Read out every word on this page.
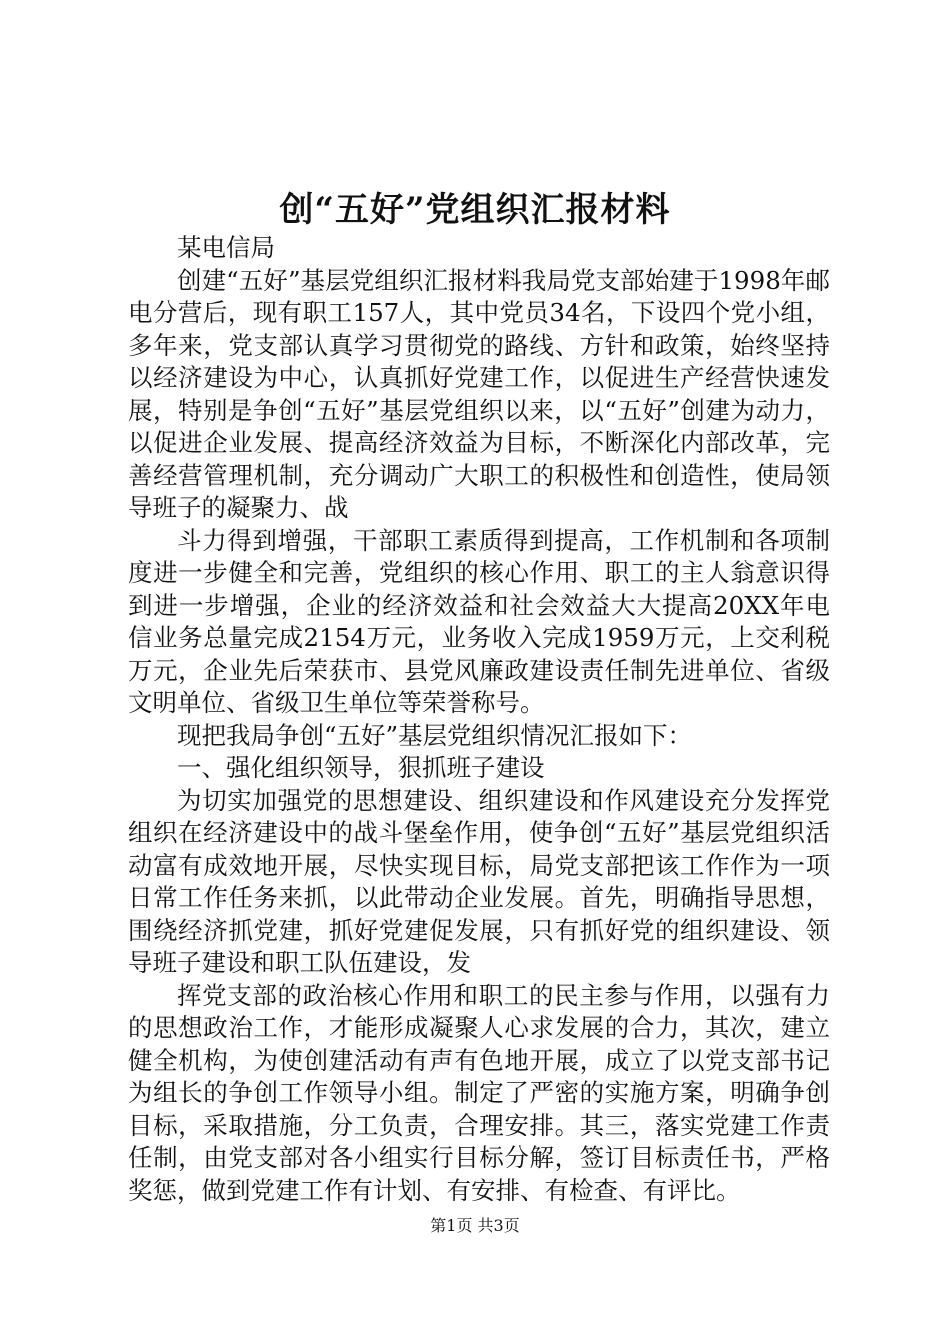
创“五好”党组织汇报材料

某电信局

创建“五好”基层党组织汇报材料我局党支部始建于1998年邮电分营后，现有职工157人，其中党员34名，下设四个党小组，多年来，党支部认真学习贯彻党的路线、方针和政策，始终坚持以经济建设为中心，认真抓好党建工作，以促进生产经营快速发展，特别是争创“五好”基层党组织以来，以“五好”创建为动力，以促进企业发展、提高经济效益为目标，不断深化内部改革，完善经营管理机制，充分调动广大职工的积极性和创造性，使局领导班子的凝聚力、战

斗力得到增强，干部职工素质得到提高，工作机制和各项制度进一步健全和完善，党组织的核心作用、职工的主人翁意识得到进一步增强，企业的经济效益和社会效益大大提高20XX年电信业务总量完成2154万元，业务收入完成1959万元，上交利税万元，企业先后荣获市、县党风廉政建设责任制先进单位、省级文明单位、省级卫生单位等荣誉称号。

现把我局争创“五好”基层党组织情况汇报如下：

一、强化组织领导，狠抓班子建设

为切实加强党的思想建设、组织建设和作风建设充分发挥党组织在经济建设中的战斗堡垒作用，使争创“五好”基层党组织活动富有成效地开展，尽快实现目标，局党支部把该工作作为一项日常工作任务来抓，以此带动企业发展。首先，明确指导思想，围绕经济抓党建，抓好党建促发展，只有抓好党的组织建设、领导班子建设和职工队伍建设，发

挥党支部的政治核心作用和职工的民主参与作用，以强有力的思想政治工作，才能形成凝聚人心求发展的合力，其次，建立健全机构，为使创建活动有声有色地开展，成立了以党支部书记为组长的争创工作领导小组。制定了严密的实施方案，明确争创目标，采取措施，分工负责，合理安排。其三，落实党建工作责任制，由党支部对各小组实行目标分解，签订目标责任书，严格奖惩，做到党建工作有计划、有安排、有检查、有评比。

第1页 共3页
